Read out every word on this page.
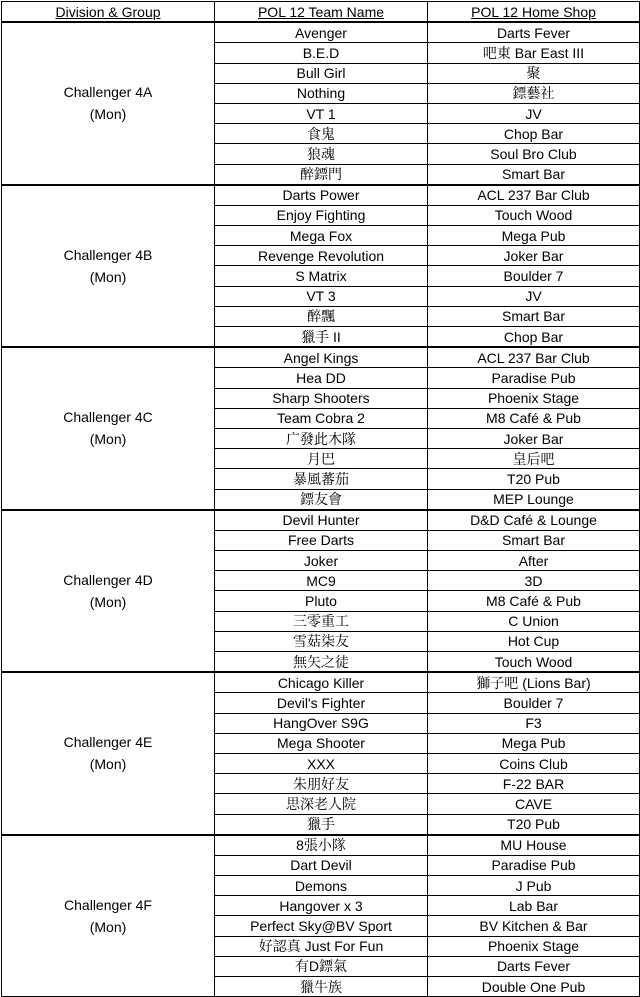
Division & Group	POL 12 Team Name	POL 12 Home Shop

Challenger 4A
(Mon)	Avenger	Darts Fever
	B.E.D	吧東 Bar East III
	Bull Girl	聚
	Nothing	鏢藝社
	VT 1	JV
	食鬼	Chop Bar
	狼魂	Soul Bro Club
	醉鏢門	Smart Bar

Challenger 4B
(Mon)	Darts Power	ACL 237 Bar Club
	Enjoy Fighting	Touch Wood
	Mega Fox	Mega Pub
	Revenge Revolution	Joker Bar
	S Matrix	Boulder 7
	VT 3	JV
	醉飄	Smart Bar
	獵手 II	Chop Bar

Challenger 4C
(Mon)	Angel Kings	ACL 237 Bar Club
	Hea DD	Paradise Pub
	Sharp Shooters	Phoenix Stage
	Team Cobra 2	M8 Café & Pub
	广發此木隊	Joker Bar
	月巴	皇后吧
	暴風蕃茄	T20 Pub
	鏢友會	MEP Lounge

Challenger 4D
(Mon)	Devil Hunter	D&D Café & Lounge
	Free Darts	Smart Bar
	Joker	After
	MC9	3D
	Pluto	M8 Café & Pub
	三零重工	C Union
	雪菇柒友	Hot Cup
	無矢之徒	Touch Wood

Challenger 4E
(Mon)	Chicago Killer	獅子吧 (Lions Bar)
	Devil's Fighter	Boulder 7
	HangOver S9G	F3
	Mega Shooter	Mega Pub
	XXX	Coins Club
	朱朋好友	F-22 BAR
	思深老人院	CAVE
	獵手	T20 Pub

Challenger 4F
(Mon)	8張小隊	MU House
	Dart Devil	Paradise Pub
	Demons	J Pub
	Hangover x 3	Lab Bar
	Perfect Sky@BV Sport	BV Kitchen & Bar
	好認真 Just For Fun	Phoenix Stage
	有D鏢氣	Darts Fever
	獵牛族	Double One Pub
